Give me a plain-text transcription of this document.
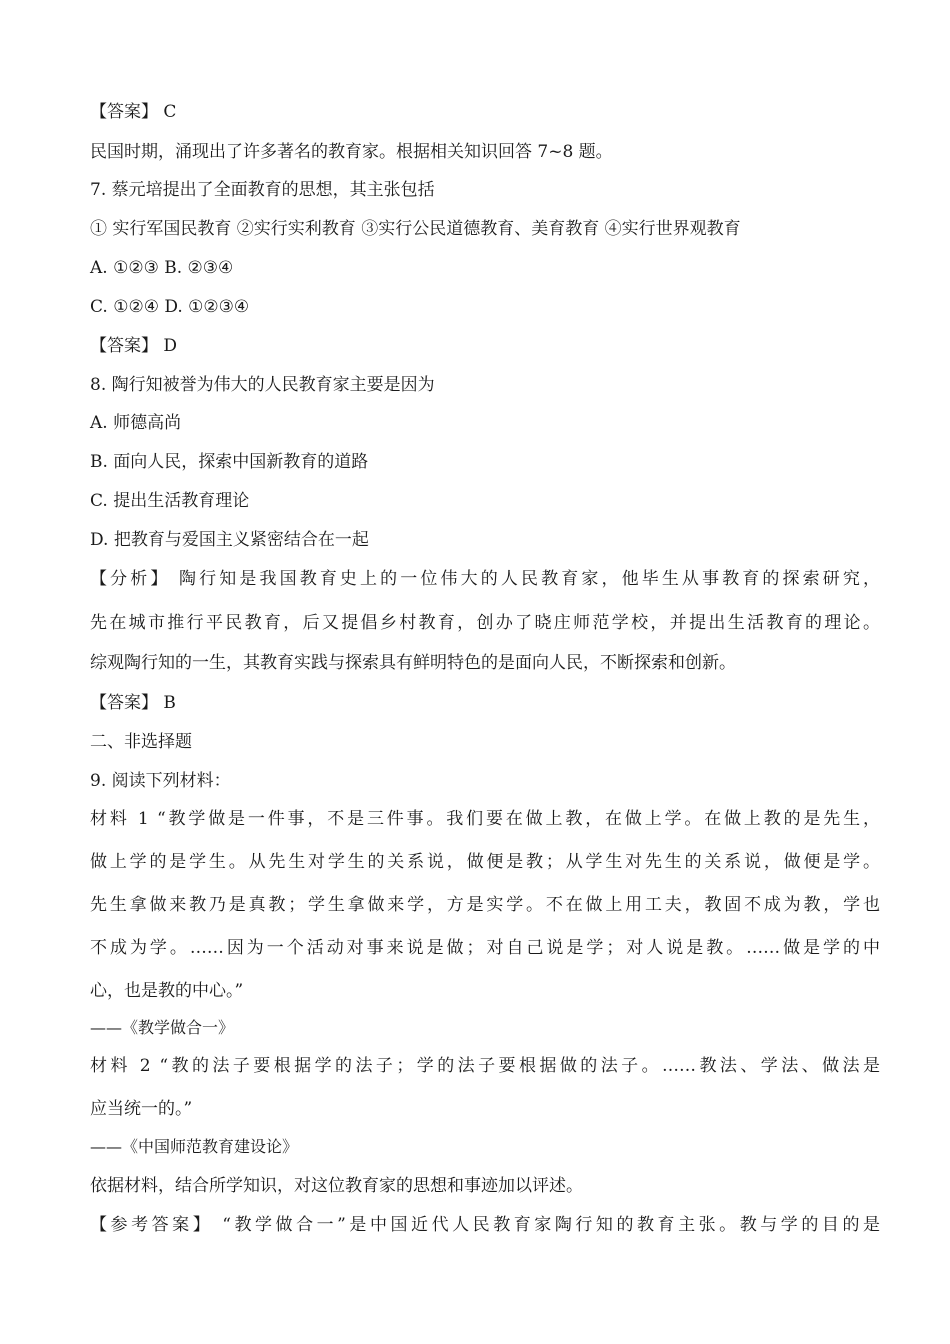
【答案】 C
民国时期，涌现出了许多著名的教育家。根据相关知识回答 7~8 题。
7. 蔡元培提出了全面教育的思想，其主张包括
① 实行军国民教育 ②实行实利教育 ③实行公民道德教育、美育教育 ④实行世界观教育
A. ①②③ B. ②③④
C. ①②④ D. ①②③④
【答案】 D
8. 陶行知被誉为伟大的人民教育家主要是因为
A. 师德高尚
B. 面向人民，探索中国新教育的道路
C. 提出生活教育理论
D. 把教育与爱国主义紧密结合在一起
【分析】 陶行知是我国教育史上的一位伟大的人民教育家，他毕生从事教育的探索研究，
先在城市推行平民教育，后又提倡乡村教育，创办了晓庄师范学校，并提出生活教育的理论。
综观陶行知的一生，其教育实践与探索具有鲜明特色的是面向人民，不断探索和创新。
【答案】 B
二、非选择题
9. 阅读下列材料：
材料 1 “教学做是一件事，不是三件事。我们要在做上教，在做上学。在做上教的是先生，
做上学的是学生。从先生对学生的关系说，做便是教；从学生对先生的关系说，做便是学。
先生拿做来教乃是真教；学生拿做来学，方是实学。不在做上用工夫，教固不成为教，学也
不成为学。……因为一个活动对事来说是做；对自己说是学；对人说是教。……做是学的中
心，也是教的中心。”
——《教学做合一》
材料 2 “教的法子要根据学的法子；学的法子要根据做的法子。……教法、学法、做法是
应当统一的。”
——《中国师范教育建设论》
依据材料，结合所学知识，对这位教育家的思想和事迹加以评述。
【参考答案】 “教学做合一”是中国近代人民教育家陶行知的教育主张。教与学的目的是
